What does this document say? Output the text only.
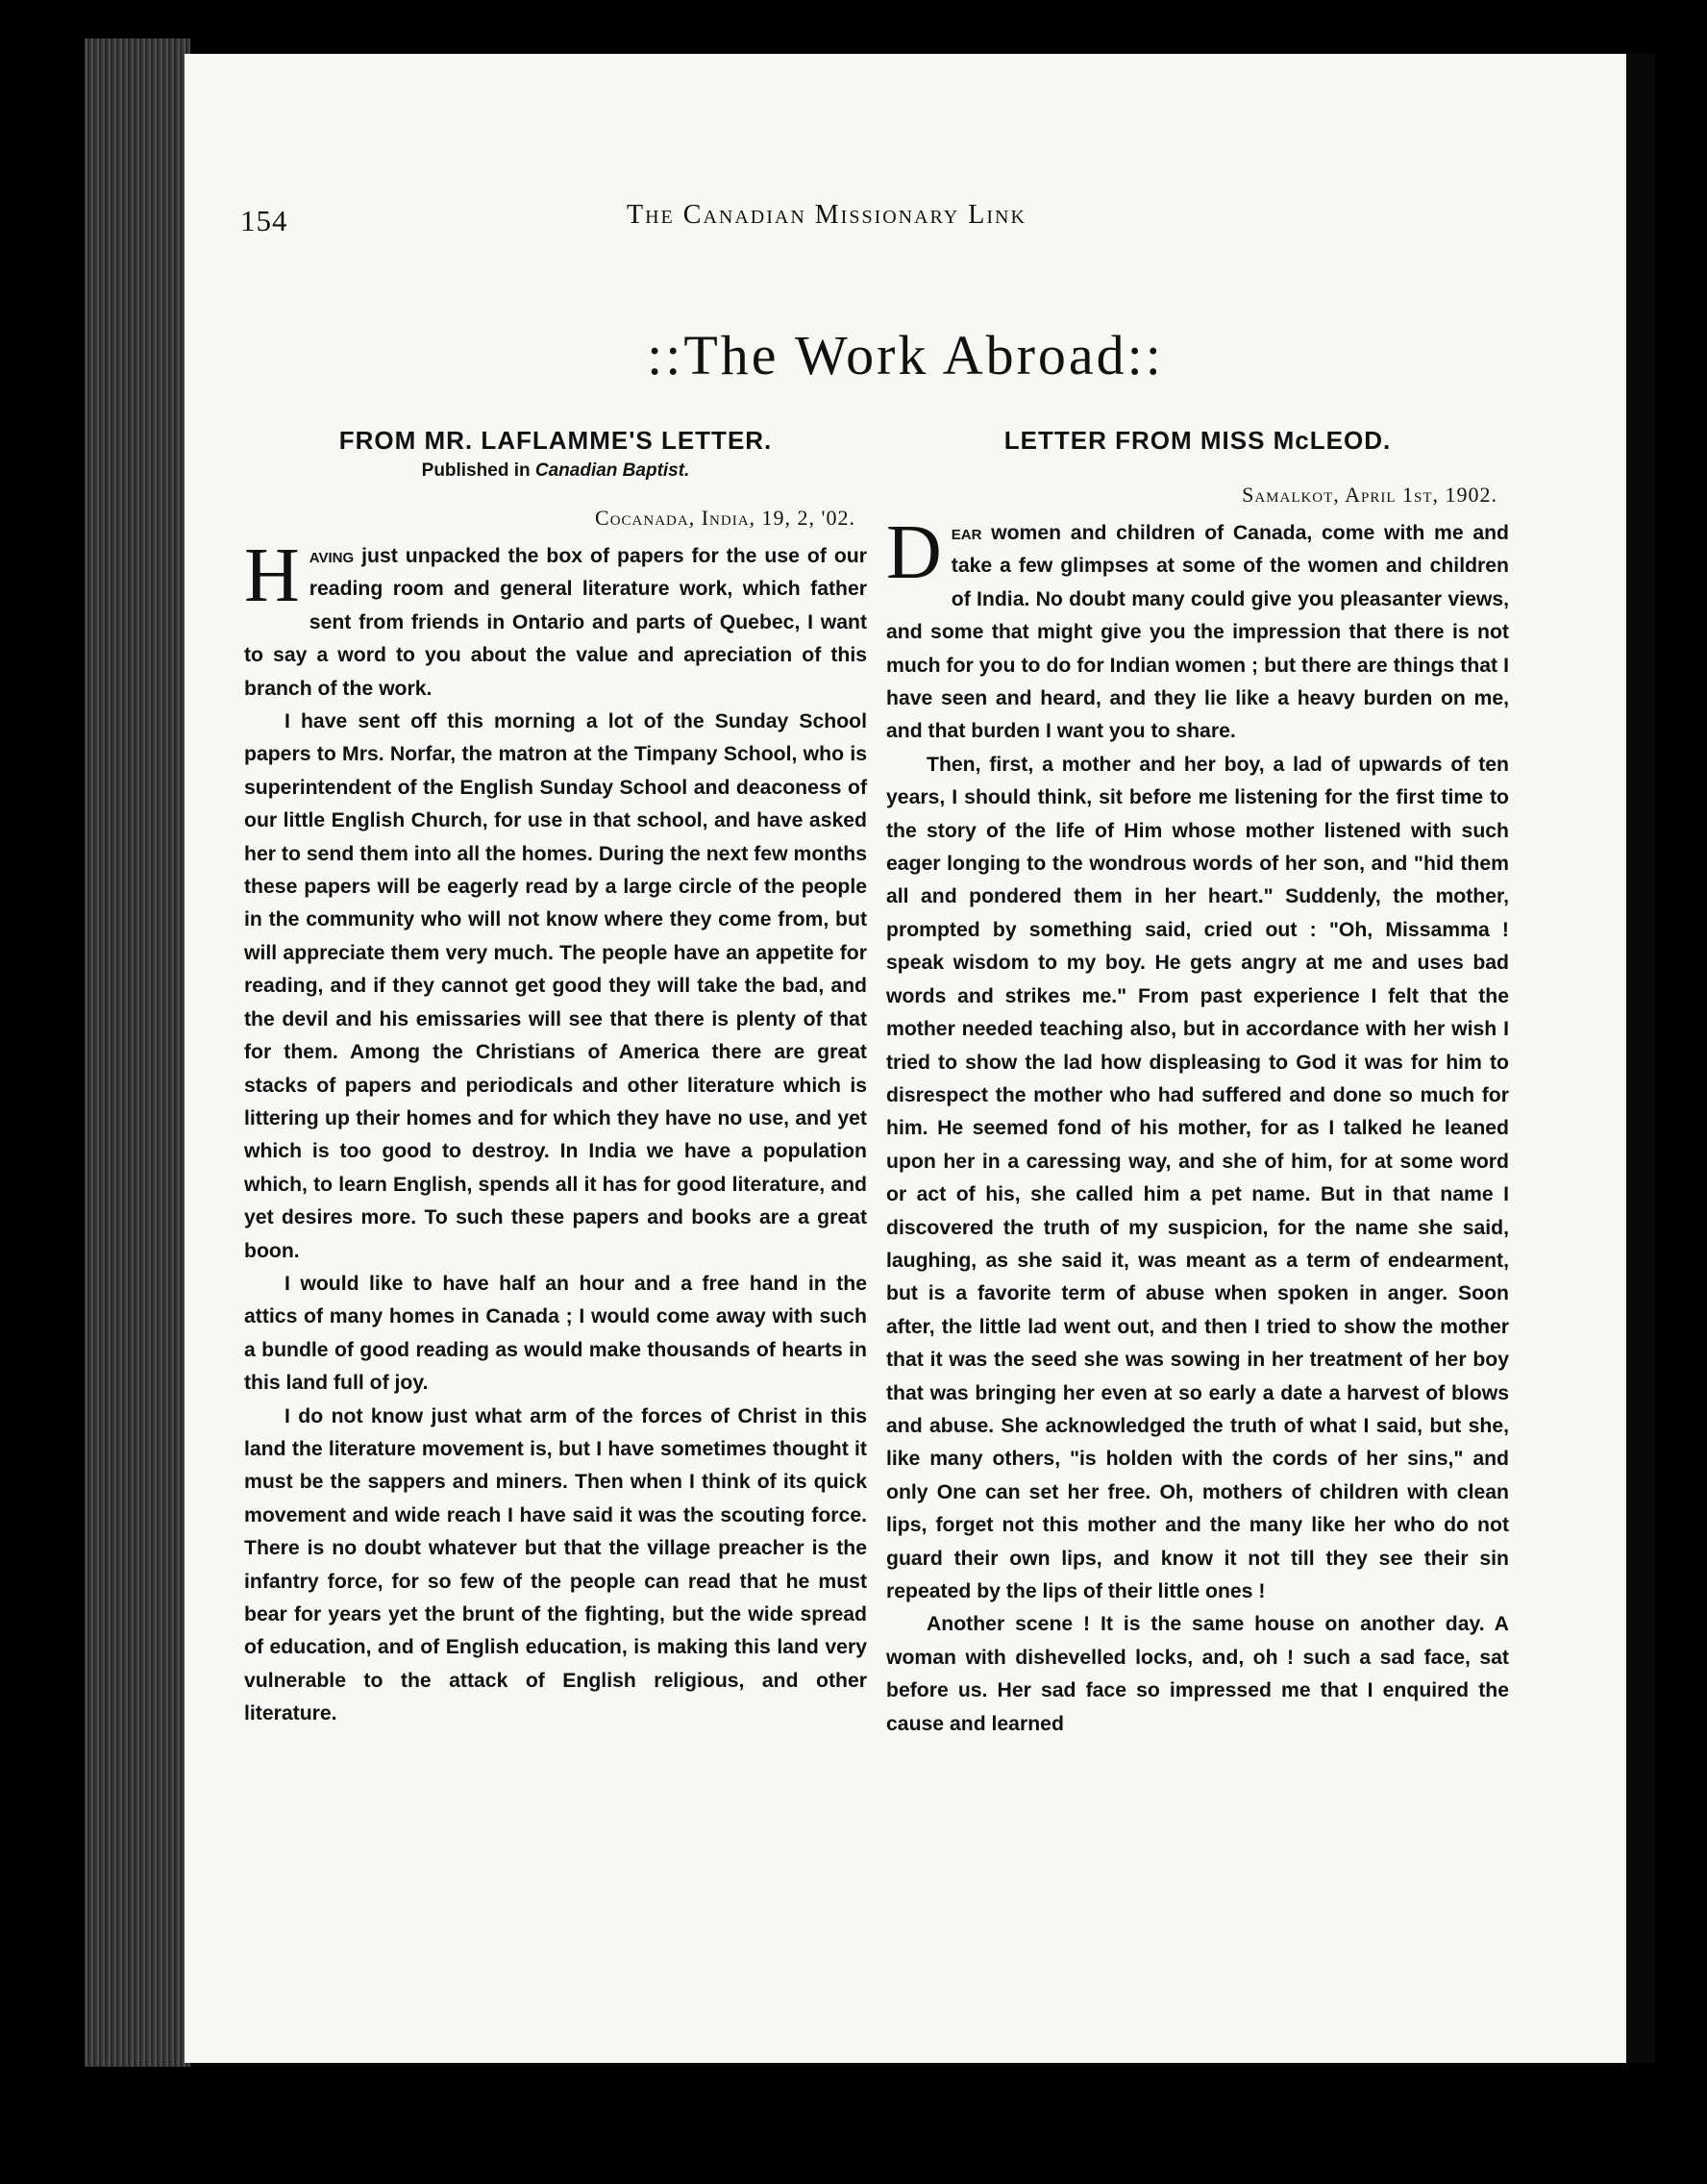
154	The Canadian Missionary Link
::The Work Abroad::
FROM MR. LAFLAMME'S LETTER.
Published in Canadian Baptist.
Cocanada, India, 19, 2, '02.

Having just unpacked the box of papers for the use of our reading room and general literature work, which father sent from friends in Ontario and parts of Quebec, I want to say a word to you about the value and apreciation of this branch of the work.

I have sent off this morning a lot of the Sunday School papers to Mrs. Norfar, the matron at the Timpany School, who is superintendent of the English Sunday School and deaconess of our little English Church, for use in that school, and have asked her to send them into all the homes. During the next few months these papers will be eagerly read by a large circle of the people in the community who will not know where they come from, but will appreciate them very much. The people have an appetite for reading, and if they cannot get good they will take the bad, and the devil and his emissaries will see that there is plenty of that for them. Among the Christians of America there are great stacks of papers and periodicals and other literature which is littering up their homes and for which they have no use, and yet which is too good to destroy. In India we have a population which, to learn English, spends all it has for good literature, and yet desires more. To such these papers and books are a great boon.

I would like to have half an hour and a free hand in the attics of many homes in Canada ; I would come away with such a bundle of good reading as would make thousands of hearts in this land full of joy.

I do not know just what arm of the forces of Christ in this land the literature movement is, but I have sometimes thought it must be the sappers and miners. Then when I think of its quick movement and wide reach I have said it was the scouting force. There is no doubt whatever but that the village preacher is the infantry force, for so few of the people can read that he must bear for years yet the brunt of the fighting, but the wide spread of education, and of English education, is making this land very vulnerable to the attack of English religious, and other literature.

LETTER FROM MISS McLEOD.
Samalkot, April 1st, 1902.

Dear women and children of Canada, come with me and take a few glimpses at some of the women and children of India. No doubt many could give you pleasanter views, and some that might give you the impression that there is not much for you to do for Indian women ; but there are things that I have seen and heard, and they lie like a heavy burden on me, and that burden I want you to share.

Then, first, a mother and her boy, a lad of upwards of ten years, I should think, sit before me listening for the first time to the story of the life of Him whose mother listened with such eager longing to the wondrous words of her son, and "hid them all and pondered them in her heart." Suddenly, the mother, prompted by something said, cried out : "Oh, Missamma ! speak wisdom to my boy. He gets angry at me and uses bad words and strikes me." From past experience I felt that the mother needed teaching also, but in accordance with her wish I tried to show the lad how displeasing to God it was for him to disrespect the mother who had suffered and done so much for him. He seemed fond of his mother, for as I talked he leaned upon her in a caressing way, and she of him, for at some word or act of his, she called him a pet name. But in that name I discovered the truth of my suspicion, for the name she said, laughing, as she said it, was meant as a term of endearment, but is a favorite term of abuse when spoken in anger. Soon after, the little lad went out, and then I tried to show the mother that it was the seed she was sowing in her treatment of her boy that was bringing her even at so early a date a harvest of blows and abuse. She acknowledged the truth of what I said, but she, like many others, "is holden with the cords of her sins," and only One can set her free. Oh, mothers of children with clean lips, forget not this mother and the many like her who do not guard their own lips, and know it not till they see their sin repeated by the lips of their little ones !

Another scene ! It is the same house on another day. A woman with dishevelled locks, and, oh ! such a sad face, sat before us. Her sad face so impressed me that I enquired the cause and learned
